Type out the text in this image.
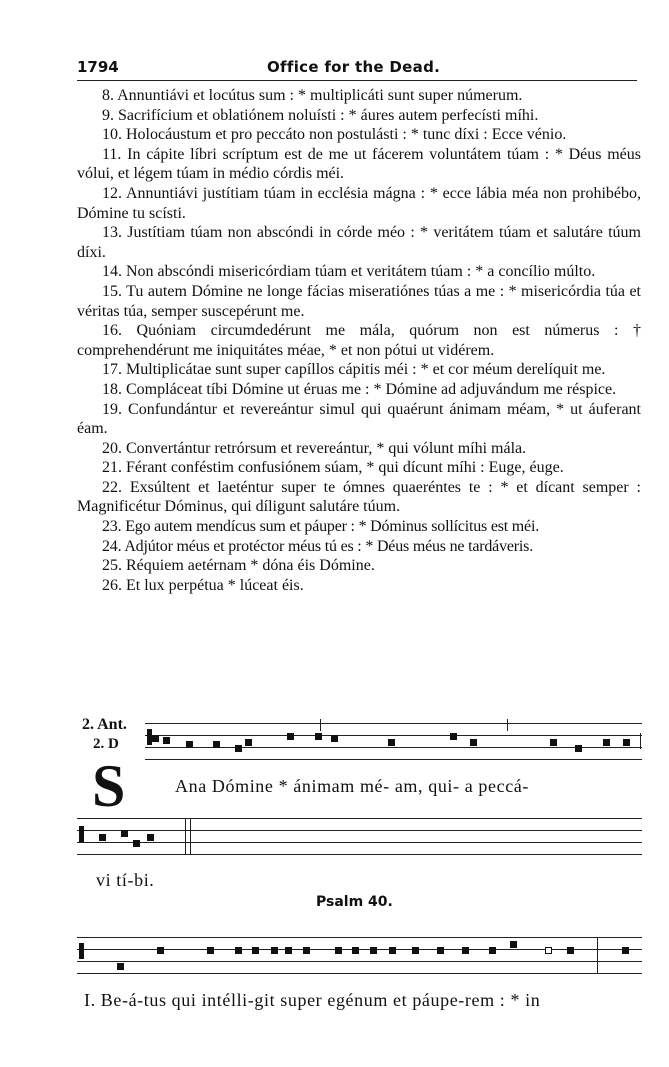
1794	Office for the Dead.

8. Annuntiávi et locútus sum : * multiplicáti sunt super númerum.

9. Sacrifícium et oblatiónem noluísti : * áures autem perfecísti míhi.

10. Holocáustum et pro peccáto non postulásti : * tunc díxi : Ecce vénio.

11. In cápite líbri scríptum est de me ut fácerem voluntátem túam : * Déus méus vólui, et légem túam in médio córdis méi.

12. Annuntiávi justítiam túam in ecclésia mágna : * ecce lábia méa non prohibébo, Dómine tu scísti.

13. Justítiam túam non abscóndi in córde méo : * veritátem túam et salutáre túum díxi.

14. Non abscóndi misericórdiam túam et veritátem túam : * a concílio múlto.

15. Tu autem Dómine ne longe fácias miseratiónes túas a me : * misericórdia túa et véritas túa, semper suscepérunt me.

16. Quóniam circumdedérunt me mála, quórum non est númerus : † comprehendérunt me iniquitátes méae, * et non pótui ut vidérem.

17. Multiplicátae sunt super capíllos cápitis méi : * et cor méum derelíquit me.

18. Compláceat tíbi Dómine ut éruas me : * Dómine ad adjuvándum me réspice.

19. Confundántur et revereántur simul qui quaérunt ánimam méam, * ut áuferant éam.

20. Convertántur retrórsum et revereántur, * qui vólunt míhi mála.

21. Férant conféstim confusiónem súam, * qui dícunt míhi : Euge, éuge.

22. Exsúltent et laeténtur super te ómnes quaeréntes te : * et dícant semper : Magnificétur Dóminus, qui díligunt salutáre túum.

23. Ego autem mendícus sum et páuper : * Dóminus sollícitus est méi.

24. Adjútor méus et protéctor méus tú es : * Déus méus ne tardáveris.

25. Réquiem aetérnam * dóna éis Dómine.

26. Et lux perpétua * lúceat éis.

2. Ant.
2. D
S	Ana Dómine * ánimam mé- am, qui- a peccá-
vi tí-bi.
Psalm 40.
I. Be-á-tus qui intélli-git super egénum et páupe-rem : * in
